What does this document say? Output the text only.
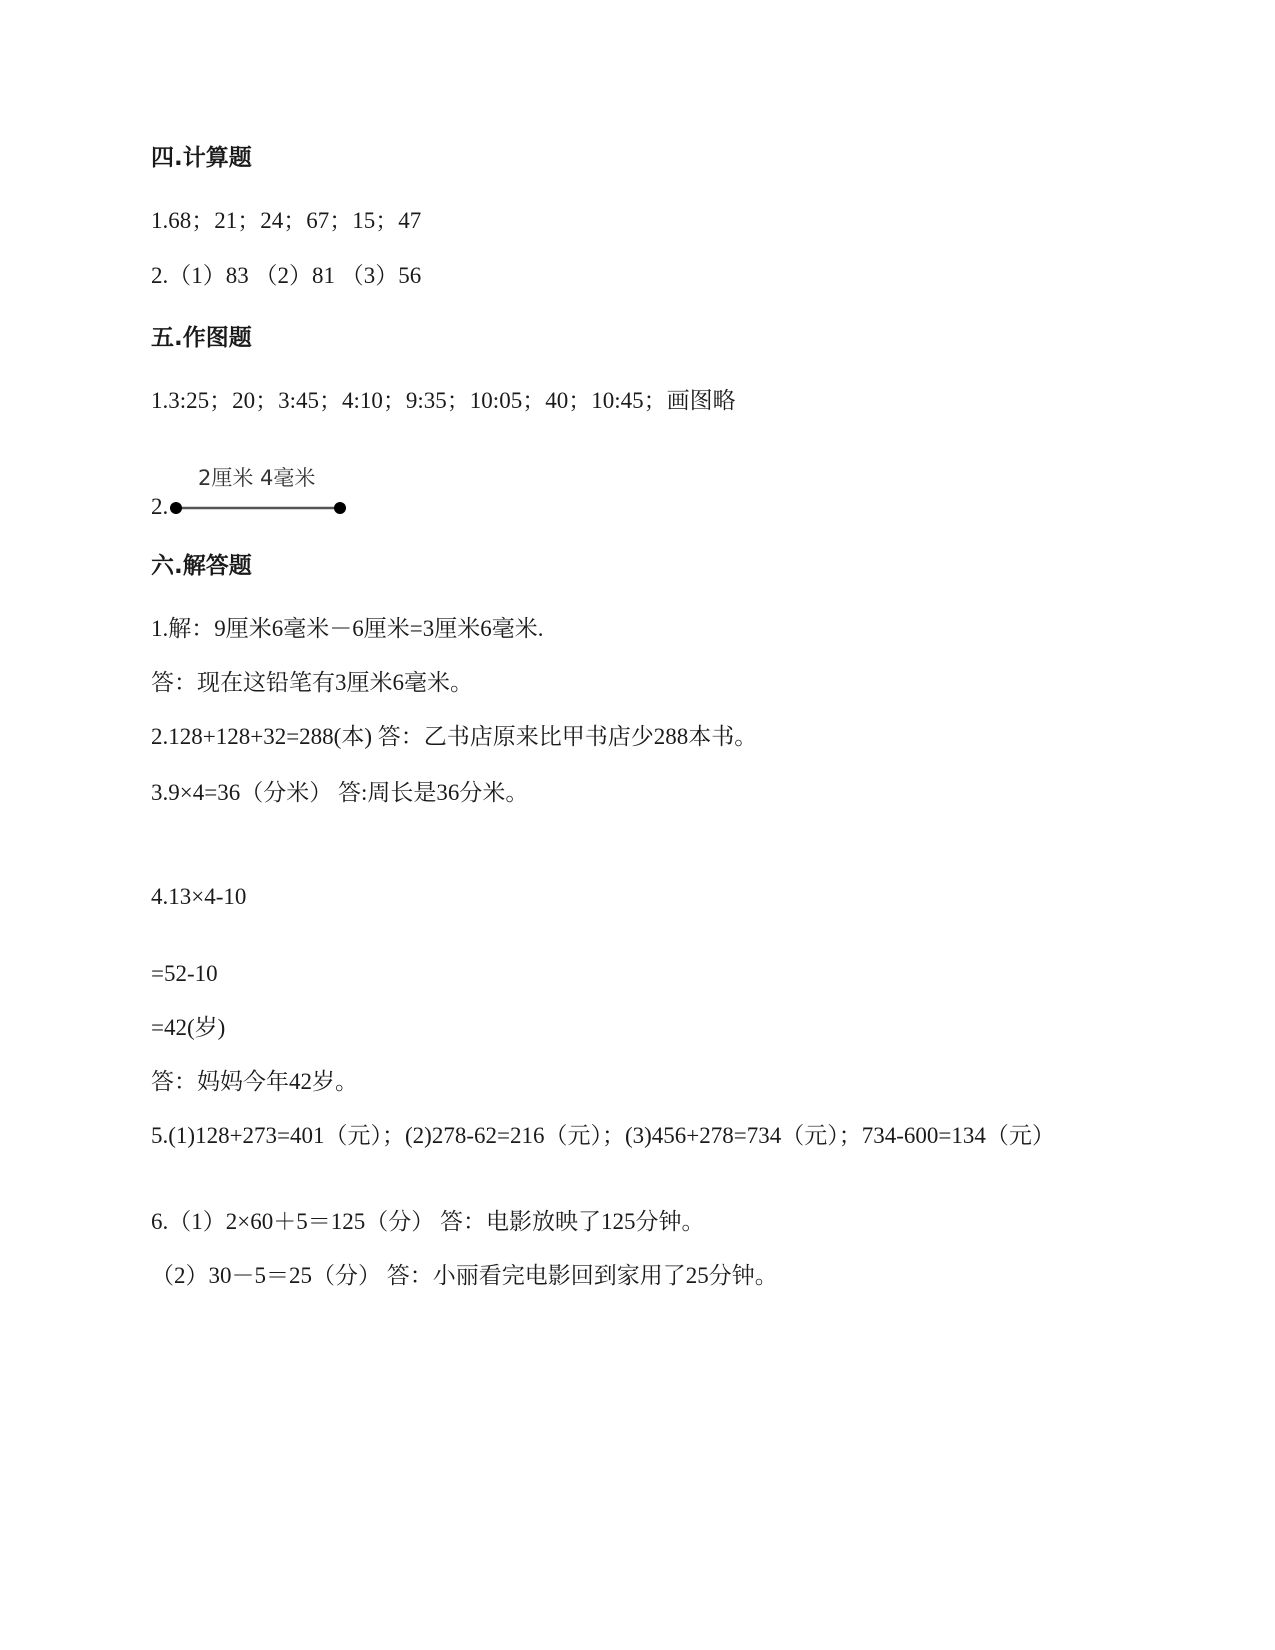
四.计算题
1.68；21；24；67；15；47
2.（1）83 （2）81 （3）56
五.作图题
1.3:25；20；3:45；4:10；9:35；10:05；40；10:45；画图略
2.
2厘米 4毫米
六.解答题
1.解：9厘米6毫米－6厘米=3厘米6毫米.
答：现在这铅笔有3厘米6毫米。
2.128+128+32=288(本) 答：乙书店原来比甲书店少288本书。
3.9×4=36（分米） 答:周长是36分米。
4.13×4-10
=52-10
=42(岁)
答：妈妈今年42岁。
5.(1)128+273=401（元）；(2)278-62=216（元）；(3)456+278=734（元）；734-600=134（元）
6.（1）2×60＋5＝125（分） 答：电影放映了125分钟。
（2）30－5＝25（分） 答：小丽看完电影回到家用了25分钟。
